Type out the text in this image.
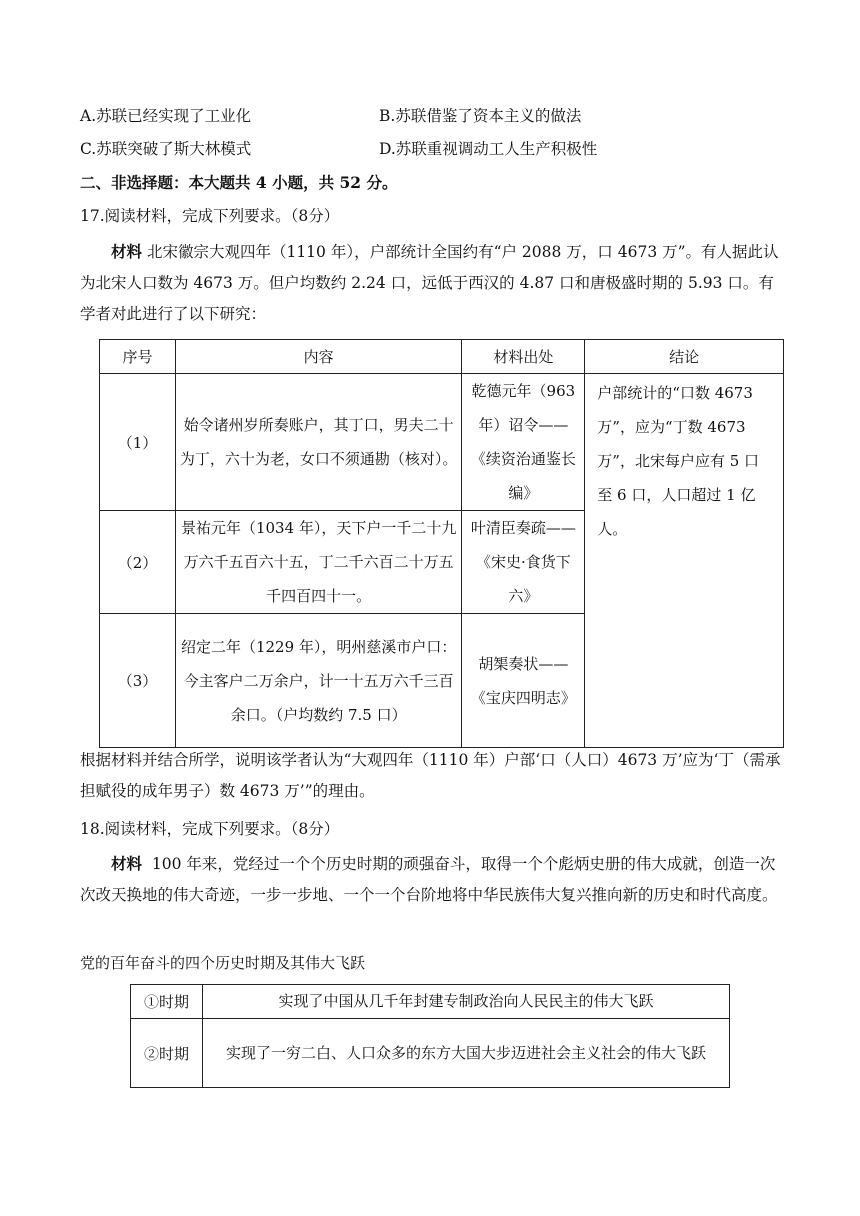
A.苏联已经实现了工业化	B.苏联借鉴了资本主义的做法
C.苏联突破了斯大林模式	D.苏联重视调动工人生产积极性
二、非选择题：本大题共 4 小题，共 52 分。
17.阅读材料，完成下列要求。（8分）

材料 北宋徽宗大观四年（1110 年），户部统计全国约有“户 2088 万，口 4673 万”。有人据此认为北宋人口数为 4673 万。但户均数约 2.24 口，远低于西汉的 4.87 口和唐极盛时期的 5.93 口。有学者对此进行了以下研究：

序号	内容	材料出处	结论
（1）	始令诸州岁所奏账户，其丁口，男夫二十为丁，六十为老，女口不须通勘（核对）。	乾德元年（963 年）诏令——《续资治通鉴长编》	户部统计的“口数 4673 万”，应为“丁数 4673 万”，北宋每户应有 5 口至 6 口，人口超过 1 亿人。

（2）	景祐元年（1034 年），天下户一千二十九万六千五百六十五，丁二千六百二十万五千四百四十一。	叶清臣奏疏——《宋史·食货下六》	

（3）	绍定二年（1229 年），明州慈溪市户口：今主客户二万余户，计一十五万六千三百余口。（户均数约 7.5 口）	胡榘奏状——《宝庆四明志》	

根据材料并结合所学，说明该学者认为“大观四年（1110 年）户部‘口（人口）4673 万’应为‘丁（需承担赋役的成年男子）数 4673 万’”的理由。

18.阅读材料，完成下列要求。（8分）

材料 100 年来，党经过一个个历史时期的顽强奋斗，取得一个个彪炳史册的伟大成就，创造一次次改天换地的伟大奇迹，一步一步地、一个一个台阶地将中华民族伟大复兴推向新的历史和时代高度。

党的百年奋斗的四个历史时期及其伟大飞跃
①时期	实现了中国从几千年封建专制政治向人民民主的伟大飞跃

②时期	实现了一穷二白、人口众多的东方大国大步迈进社会主义社会的伟大飞跃
